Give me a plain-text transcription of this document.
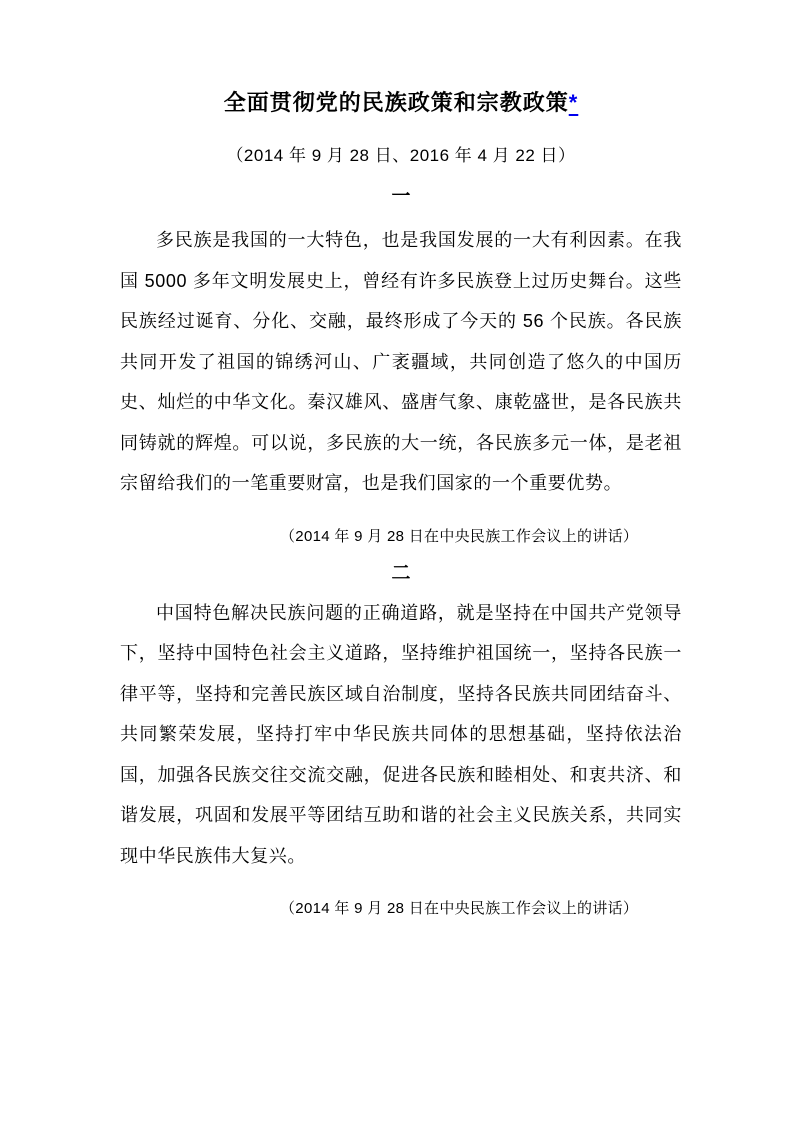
全面贯彻党的民族政策和宗教政策*

（2014 年 9 月 28 日、2016 年 4 月 22 日）

一

多民族是我国的一大特色，也是我国发展的一大有利因素。在我国 5000 多年文明发展史上，曾经有许多民族登上过历史舞台。这些民族经过诞育、分化、交融，最终形成了今天的 56 个民族。各民族共同开发了祖国的锦绣河山、广袤疆域，共同创造了悠久的中国历史、灿烂的中华文化。秦汉雄风、盛唐气象、康乾盛世，是各民族共同铸就的辉煌。可以说，多民族的大一统，各民族多元一体，是老祖宗留给我们的一笔重要财富，也是我们国家的一个重要优势。

（2014 年 9 月 28 日在中央民族工作会议上的讲话）

二

中国特色解决民族问题的正确道路，就是坚持在中国共产党领导下，坚持中国特色社会主义道路，坚持维护祖国统一，坚持各民族一律平等，坚持和完善民族区域自治制度，坚持各民族共同团结奋斗、共同繁荣发展，坚持打牢中华民族共同体的思想基础，坚持依法治国，加强各民族交往交流交融，促进各民族和睦相处、和衷共济、和谐发展，巩固和发展平等团结互助和谐的社会主义民族关系，共同实现中华民族伟大复兴。

（2014 年 9 月 28 日在中央民族工作会议上的讲话）
